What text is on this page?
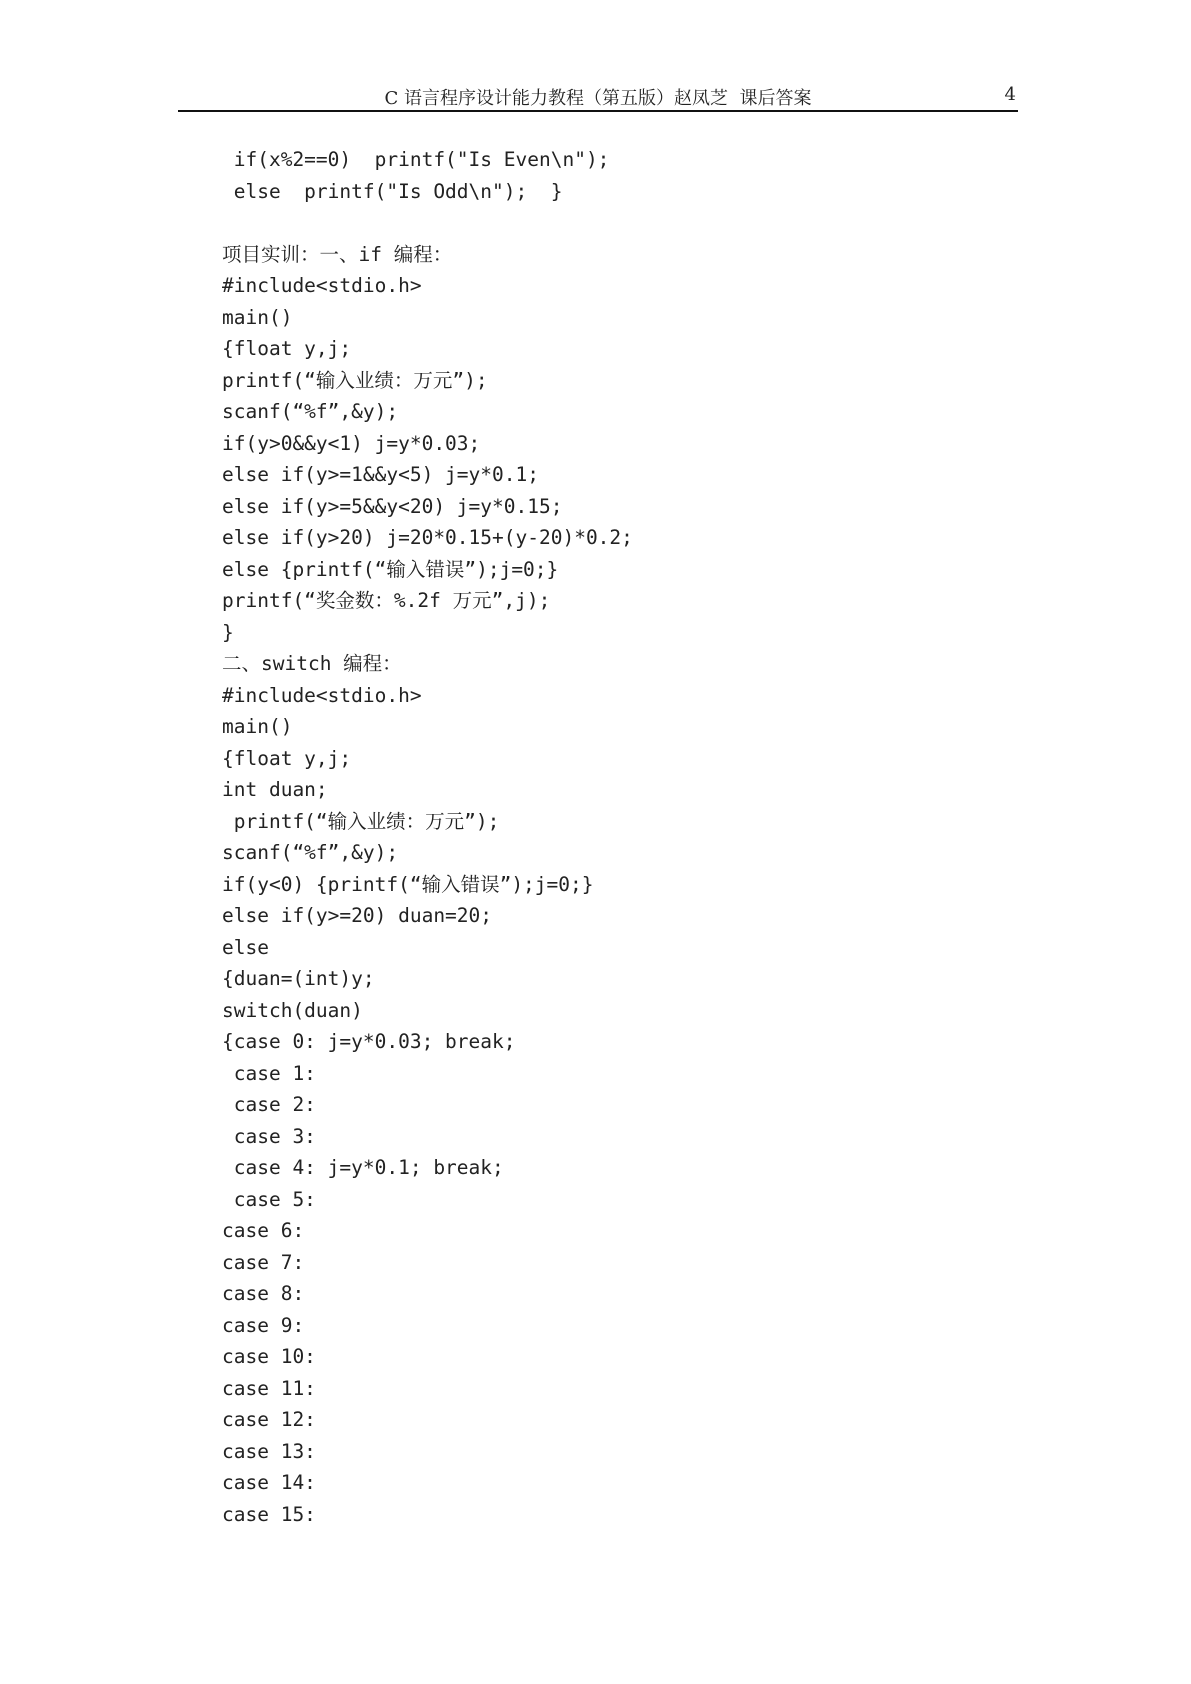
C 语言程序设计能力教程（第五版）赵凤芝  课后答案	4
if(x%2==0)  printf("Is Even\n");
else  printf("Is Odd\n");  }
项目实训：一、if 编程：
#include<stdio.h>
main()
{float y,j;
printf(“输入业绩：万元”);
scanf(“%f”,&y);
if(y>0&&y<1) j=y*0.03;
else if(y>=1&&y<5) j=y*0.1;
else if(y>=5&&y<20) j=y*0.15;
else if(y>20) j=20*0.15+(y-20)*0.2;
else {printf(“输入错误”);j=0;}
printf(“奖金数：%.2f 万元”,j);
}
二、switch 编程：
#include<stdio.h>
main()
{float y,j;
int duan;
printf(“输入业绩：万元”);
scanf(“%f”,&y);
if(y<0) {printf(“输入错误”);j=0;}
else if(y>=20) duan=20;
else
{duan=(int)y;
switch(duan)
{case 0: j=y*0.03; break;
case 1:
case 2:
case 3:
case 4: j=y*0.1; break;
case 5:
case 6:
case 7:
case 8:
case 9:
case 10:
case 11:
case 12:
case 13:
case 14:
case 15:
